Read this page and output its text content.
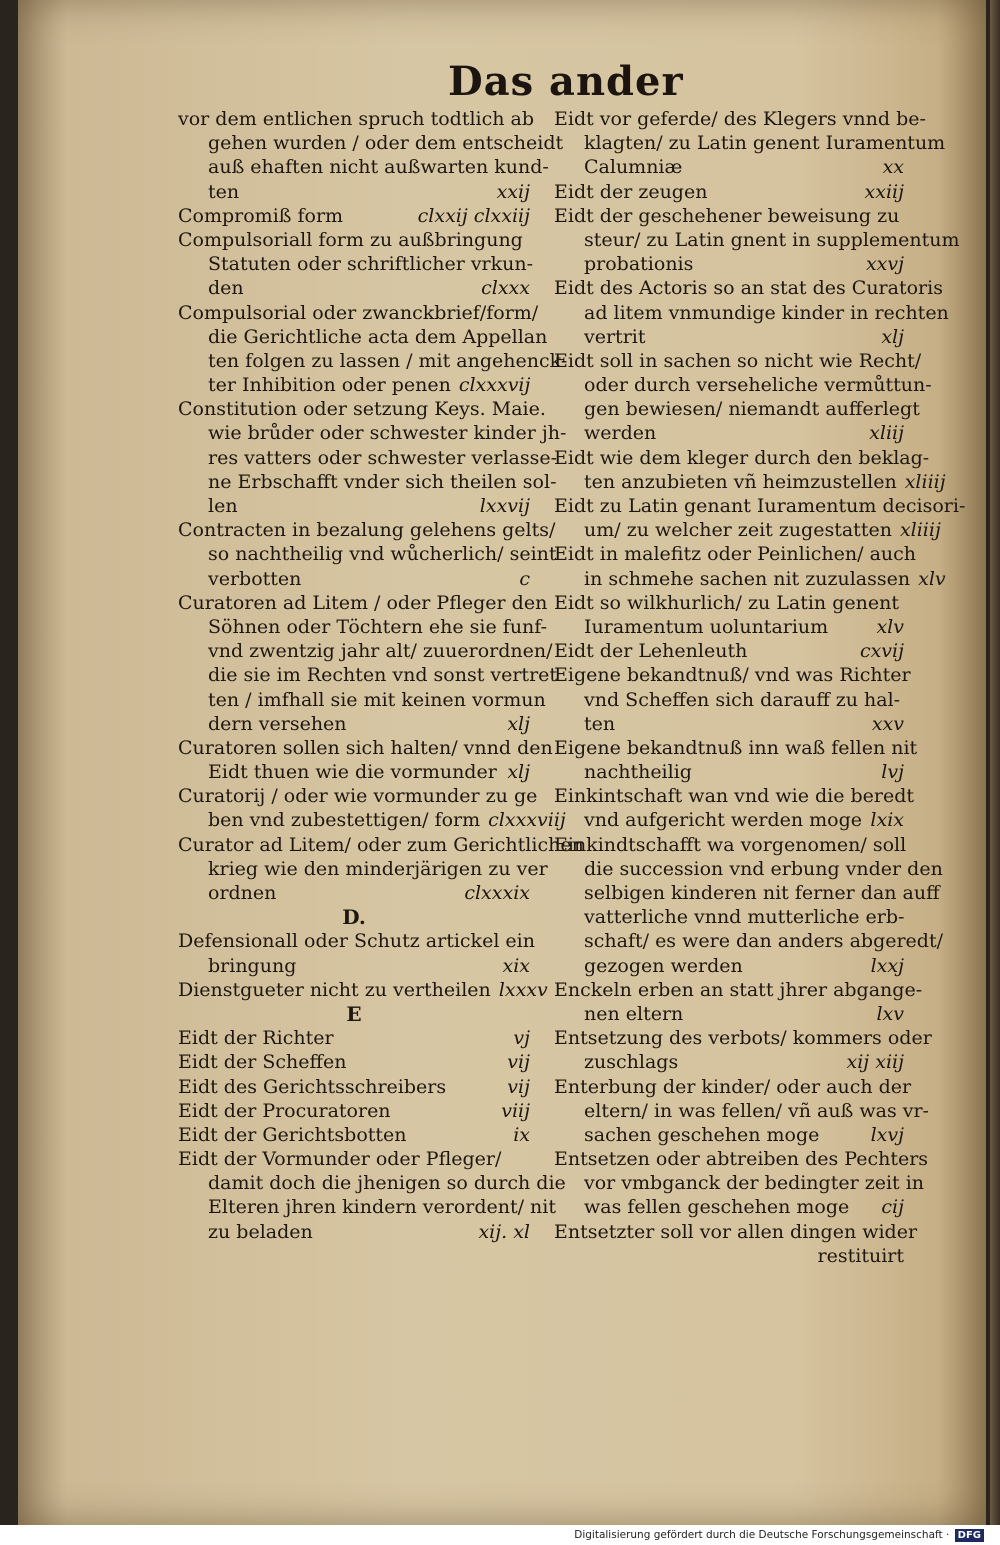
Das ander
vor dem entlichen spruch todtlich ab
gehen wurden / oder dem entscheidt
auß ehaften nicht außwarten kund-
ten	xxij
Compromiß form	clxxij clxxiij
Compulsoriall form zu außbringung
Statuten oder schriftlicher vrkun-
den	clxxx
Compulsorial oder zwanckbrief/form/
die Gerichtliche acta dem Appellan
ten folgen zu lassen / mit angehenck-
ter Inhibition oder penen clxxxvij
Constitution oder setzung Keys. Maie.
wie brůder oder schwester kinder jh-
res vatters oder schwester verlasse-
ne Erbschafft vnder sich theilen sol-
len	lxxvij
Contracten in bezalung gelehens gelts/
so nachtheilig vnd wůcherlich/ seint
verbotten	c
Curatoren ad Litem / oder Pfleger den
Söhnen oder Töchtern ehe sie funf-
vnd zwentzig jahr alt/ zuuerordnen/
die sie im Rechten vnd sonst vertret
ten / imfhall sie mit keinen vormun
dern versehen	xlj
Curatoren sollen sich halten/ vnnd den
Eidt thuen wie die vormunder xlj
Curatorij / oder wie vormunder zu ge
ben vnd zubestettigen/ form clxxxviij
Curator ad Litem/ oder zum Gerichtlichen
krieg wie den minderjärigen zu ver
ordnen	clxxxix
D.
Defensionall oder Schutz artickel ein
bringung	xix
Dienstgueter nicht zu vertheilen lxxxv
E
Eidt der Richter	vj
Eidt der Scheffen	vij
Eidt des Gerichtsschreibers	vij
Eidt der Procuratoren	viij
Eidt der Gerichtsbotten	ix
Eidt der Vormunder oder Pfleger/
damit doch die jhenigen so durch die
Elteren jhren kindern verordent/ nit
zu beladen	xij. xl
Eidt vor geferde/ des Klegers vnnd be-
klagten/ zu Latin genent Iuramentum
Calumniæ	xx
Eidt der zeugen	xxiij
Eidt der geschehener beweisung zu
steur/ zu Latin gnent in supplementum
probationis	xxvj
Eidt des Actoris so an stat des Curatoris
ad litem vnmundige kinder in rechten
vertrit	xlj
Eidt soll in sachen so nicht wie Recht/
oder durch verseheliche vermůttun-
gen bewiesen/ niemandt aufferlegt
werden	xliij
Eidt wie dem kleger durch den beklag-
ten anzubieten vñ heimzustellen xliiij
Eidt zu Latin genant Iuramentum decisori-
um/ zu welcher zeit zugestatten xliiij
Eidt in malefitz oder Peinlichen/ auch
in schmehe sachen nit zuzulassen xlv
Eidt so wilkhurlich/ zu Latin genent
Iuramentum uoluntarium	xlv
Eidt der Lehenleuth	cxvij
Eigene bekandtnuß/ vnd was Richter
vnd Scheffen sich darauff zu hal-
ten	xxv
Eigene bekandtnuß inn waß fellen nit
nachtheilig	lvj
Einkintschaft wan vnd wie die beredt
vnd aufgericht werden moge lxix
Einkindtschafft wa vorgenomen/ soll
die succession vnd erbung vnder den
selbigen kinderen nit ferner dan auff
vatterliche vnnd mutterliche erb-
schaft/ es were dan anders abgeredt/
gezogen werden	lxxj
Enckeln erben an statt jhrer abgange-
nen eltern	lxv
Entsetzung des verbots/ kommers oder
zuschlags	xij xiij
Enterbung der kinder/ oder auch der
eltern/ in was fellen/ vñ auß was vr-
sachen geschehen moge	lxvj
Entsetzen oder abtreiben des Pechters
vor vmbganck der bedingter zeit in
was fellen geschehen moge	cij
Entsetzter soll vor allen dingen wider
restituirt
Digitalisierung gefördert durch die Deutsche Forschungsgemeinschaft · DFG
